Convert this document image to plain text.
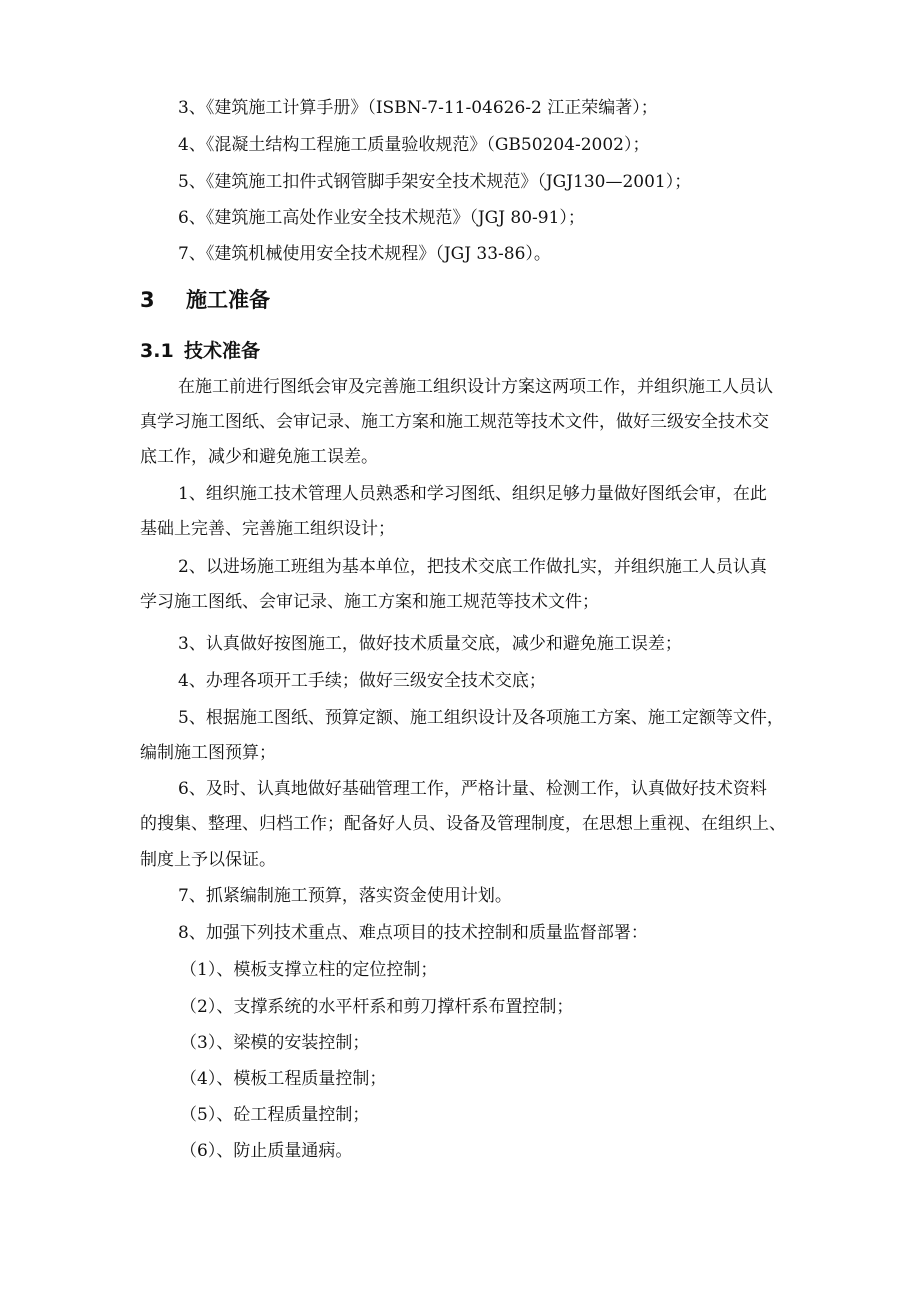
3、《建筑施工计算手册》（ISBN-7-11-04626-2 江正荣编著）；
4、《混凝土结构工程施工质量验收规范》（GB50204-2002）；
5、《建筑施工扣件式钢管脚手架安全技术规范》（JGJ130—2001）；
6、《建筑施工高处作业安全技术规范》（JGJ 80-91）；
7、《建筑机械使用安全技术规程》（JGJ 33-86）。
3 施工准备
3.1 技术准备
在施工前进行图纸会审及完善施工组织设计方案这两项工作，并组织施工人员认
真学习施工图纸、会审记录、施工方案和施工规范等技术文件，做好三级安全技术交
底工作，减少和避免施工误差。
1、组织施工技术管理人员熟悉和学习图纸、组织足够力量做好图纸会审，在此
基础上完善、完善施工组织设计；
2、以进场施工班组为基本单位，把技术交底工作做扎实，并组织施工人员认真
学习施工图纸、会审记录、施工方案和施工规范等技术文件；
3、认真做好按图施工，做好技术质量交底，减少和避免施工误差；
4、办理各项开工手续；做好三级安全技术交底；
5、根据施工图纸、预算定额、施工组织设计及各项施工方案、施工定额等文件，
编制施工图预算；
6、及时、认真地做好基础管理工作，严格计量、检测工作，认真做好技术资料
的搜集、整理、归档工作；配备好人员、设备及管理制度，在思想上重视、在组织上、
制度上予以保证。
7、抓紧编制施工预算，落实资金使用计划。
8、加强下列技术重点、难点项目的技术控制和质量监督部署：
（1）、模板支撑立柱的定位控制；
（2）、支撑系统的水平杆系和剪刀撑杆系布置控制；
（3）、梁模的安装控制；
（4）、模板工程质量控制；
（5）、砼工程质量控制；
（6）、防止质量通病。
